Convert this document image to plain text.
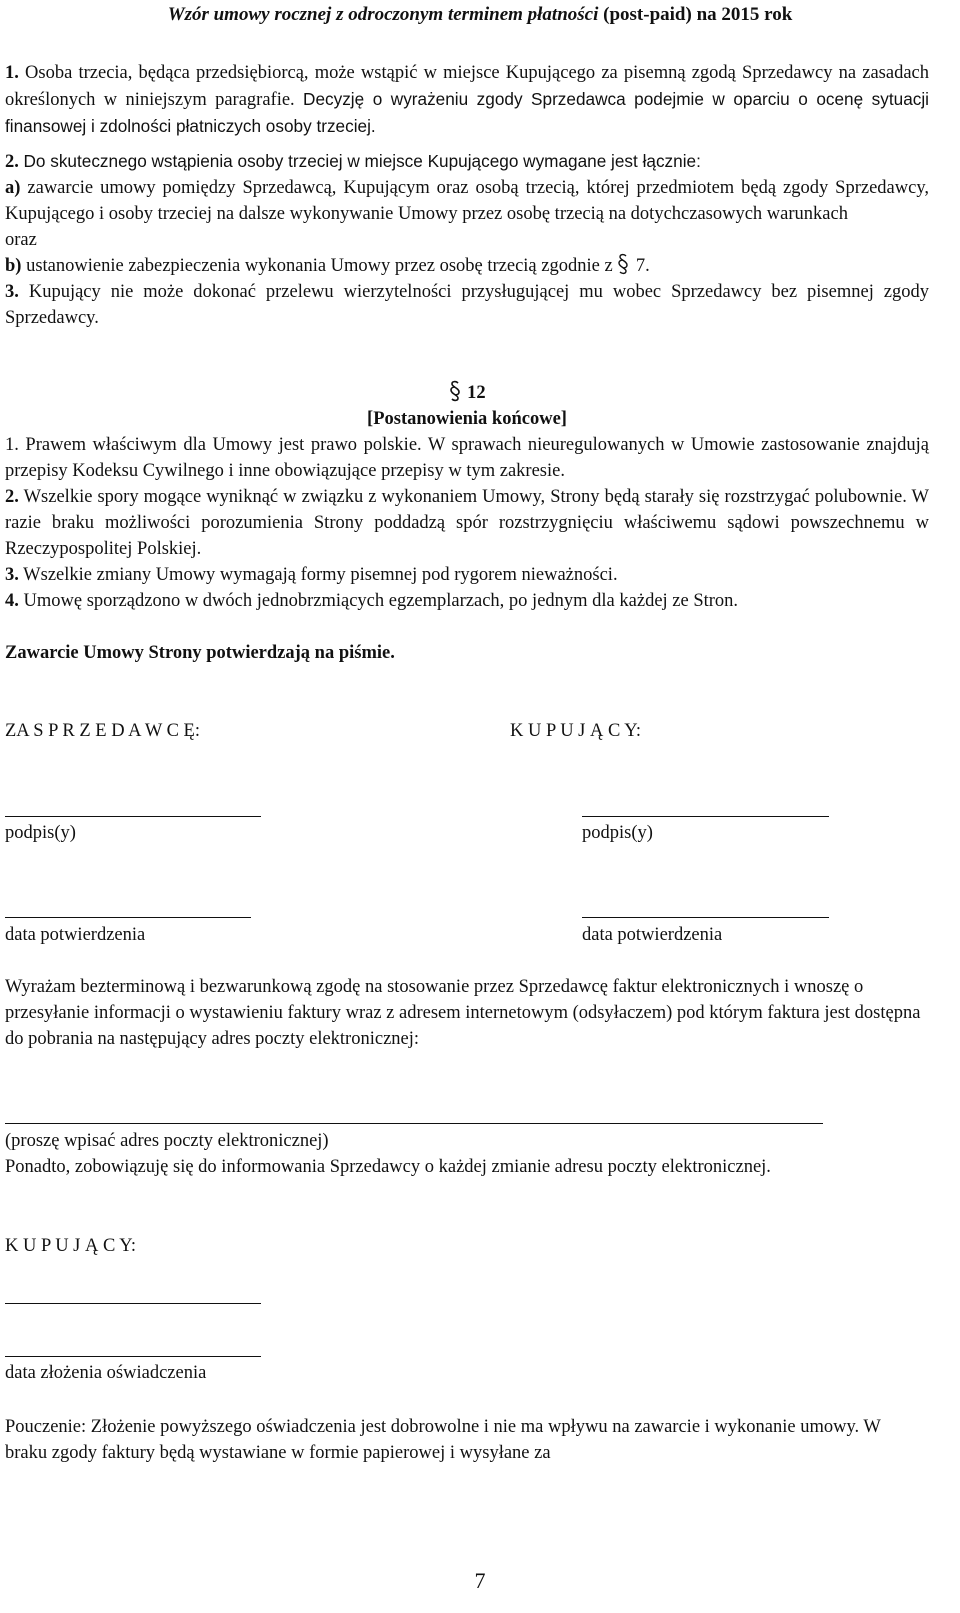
Wzór umowy rocznej z odroczonym terminem płatności (post-paid) na 2015 rok

1. Osoba trzecia, będąca przedsiębiorcą, może wstąpić w miejsce Kupującego za pisemną zgodą Sprzedawcy na zasadach określonych w niniejszym paragrafie. Decyzję o wyrażeniu zgody Sprzedawca podejmie w oparciu o ocenę sytuacji finansowej i zdolności płatniczych osoby trzeciej.

2. Do skutecznego wstąpienia osoby trzeciej w miejsce Kupującego wymagane jest łącznie:

a) zawarcie umowy pomiędzy Sprzedawcą, Kupującym oraz osobą trzecią, której przedmiotem będą zgody Sprzedawcy, Kupującego i osoby trzeciej na dalsze wykonywanie Umowy przez osobę trzecią na dotychczasowych warunkach

oraz

b) ustanowienie zabezpieczenia wykonania Umowy przez osobę trzecią zgodnie z 7.

3. Kupujący nie może dokonać przelewu wierzytelności przysługującej mu wobec Sprzedawcy bez pisemnej zgody Sprzedawcy.

12
[Postanowienia końcowe]

1. Prawem właściwym dla Umowy jest prawo polskie. W sprawach nieuregulowanych w Umowie zastosowanie znajdują przepisy Kodeksu Cywilnego i inne obowiązujące przepisy w tym zakresie.

2. Wszelkie spory mogące wyniknąć w związku z wykonaniem Umowy, Strony będą starały się rozstrzygać polubownie. W razie braku możliwości porozumienia Strony poddadzą spór rozstrzygnięciu właściwemu sądowi powszechnemu w Rzeczypospolitej Polskiej.

3. Wszelkie zmiany Umowy wymagają formy pisemnej pod rygorem nieważności.

4. Umowę sporządzono w dwóch jednobrzmiących egzemplarzach, po jednym dla każdej ze Stron.

Zawarcie Umowy Strony potwierdzają na piśmie.
ZA S P R Z E D A W C Ę:	K U P U J Ą C Y:
podpis(y)	podpis(y)
data potwierdzenia	data potwierdzenia

Wyrażam bezterminową i bezwarunkową zgodę na stosowanie przez Sprzedawcę faktur elektronicznych i wnoszę o przesyłanie informacji o wystawieniu faktury wraz z adresem internetowym (odsyłaczem) pod którym faktura jest dostępna do pobrania na następujący adres poczty elektronicznej:

(proszę wpisać adres poczty elektronicznej)

Ponadto, zobowiązuję się do informowania Sprzedawcy o każdej zmianie adresu poczty elektronicznej.

K U P U J Ą C Y:
data złożenia oświadczenia

Pouczenie: Złożenie powyższego oświadczenia jest dobrowolne i nie ma wpływu na zawarcie i wykonanie umowy. W braku zgody faktury będą wystawiane w formie papierowej i wysyłane za

7
